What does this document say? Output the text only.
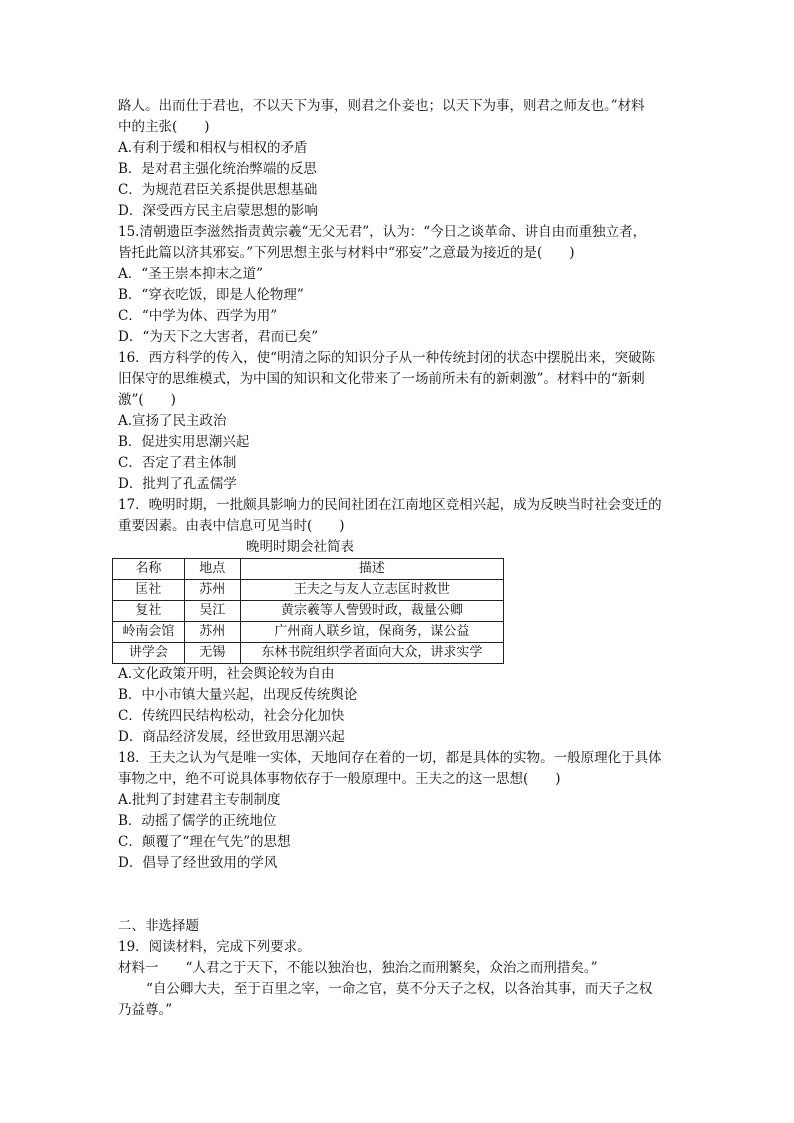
路人。出而仕于君也，不以天下为事，则君之仆妾也；以天下为事，则君之师友也。”材料
中的主张(　　)
A.有利于缓和相权与相权的矛盾
B．是对君主强化统治弊端的反思
C．为规范君臣关系提供思想基础
D．深受西方民主启蒙思想的影响
15.清朝遗臣李滋然指责黄宗羲“无父无君”，认为：“今日之谈革命、讲自由而重独立者，
皆托此篇以济其邪妄。”下列思想主张与材料中“邪妄”之意最为接近的是(　　)
A．“圣王崇本抑末之道”
B．“穿衣吃饭，即是人伦物理”
C．“中学为体、西学为用”
D．“为天下之大害者，君而已矣”
16．西方科学的传入，使“明清之际的知识分子从一种传统封闭的状态中摆脱出来，突破陈
旧保守的思维模式，为中国的知识和文化带来了一场前所未有的新刺激”。材料中的“新刺
激”(　　)
A.宣扬了民主政治
B．促进实用思潮兴起
C．否定了君主体制
D．批判了孔孟儒学
17．晚明时期，一批颇具影响力的民间社团在江南地区竞相兴起，成为反映当时社会变迁的
重要因素。由表中信息可见当时(　　)
晚明时期会社简表
名称	地点	描述
匡社	苏州	王夫之与友人立志匡时救世
复社	吴江	黄宗羲等人訾毁时政，裁量公卿
岭南会馆	苏州	广州商人联乡谊，保商务，谋公益
讲学会	无锡	东林书院组织学者面向大众，讲求实学
A.文化政策开明，社会舆论较为自由
B．中小市镇大量兴起，出现反传统舆论
C．传统四民结构松动，社会分化加快
D．商品经济发展，经世致用思潮兴起
18．王夫之认为气是唯一实体，天地间存在着的一切，都是具体的实物。一般原理化于具体
事物之中，绝不可说具体事物依存于一般原理中。王夫之的这一思想(　　)
A.批判了封建君主专制制度
B．动摇了儒学的正统地位
C．颠覆了“理在气先”的思想
D．倡导了经世致用的学风
二、非选择题
19．阅读材料，完成下列要求。
材料一　　 “人君之于天下，不能以独治也，独治之而刑繁矣，众治之而刑措矣。”
“自公卿大夫，至于百里之宰，一命之官，莫不分天子之权，以各治其事，而天子之权
乃益尊。”
